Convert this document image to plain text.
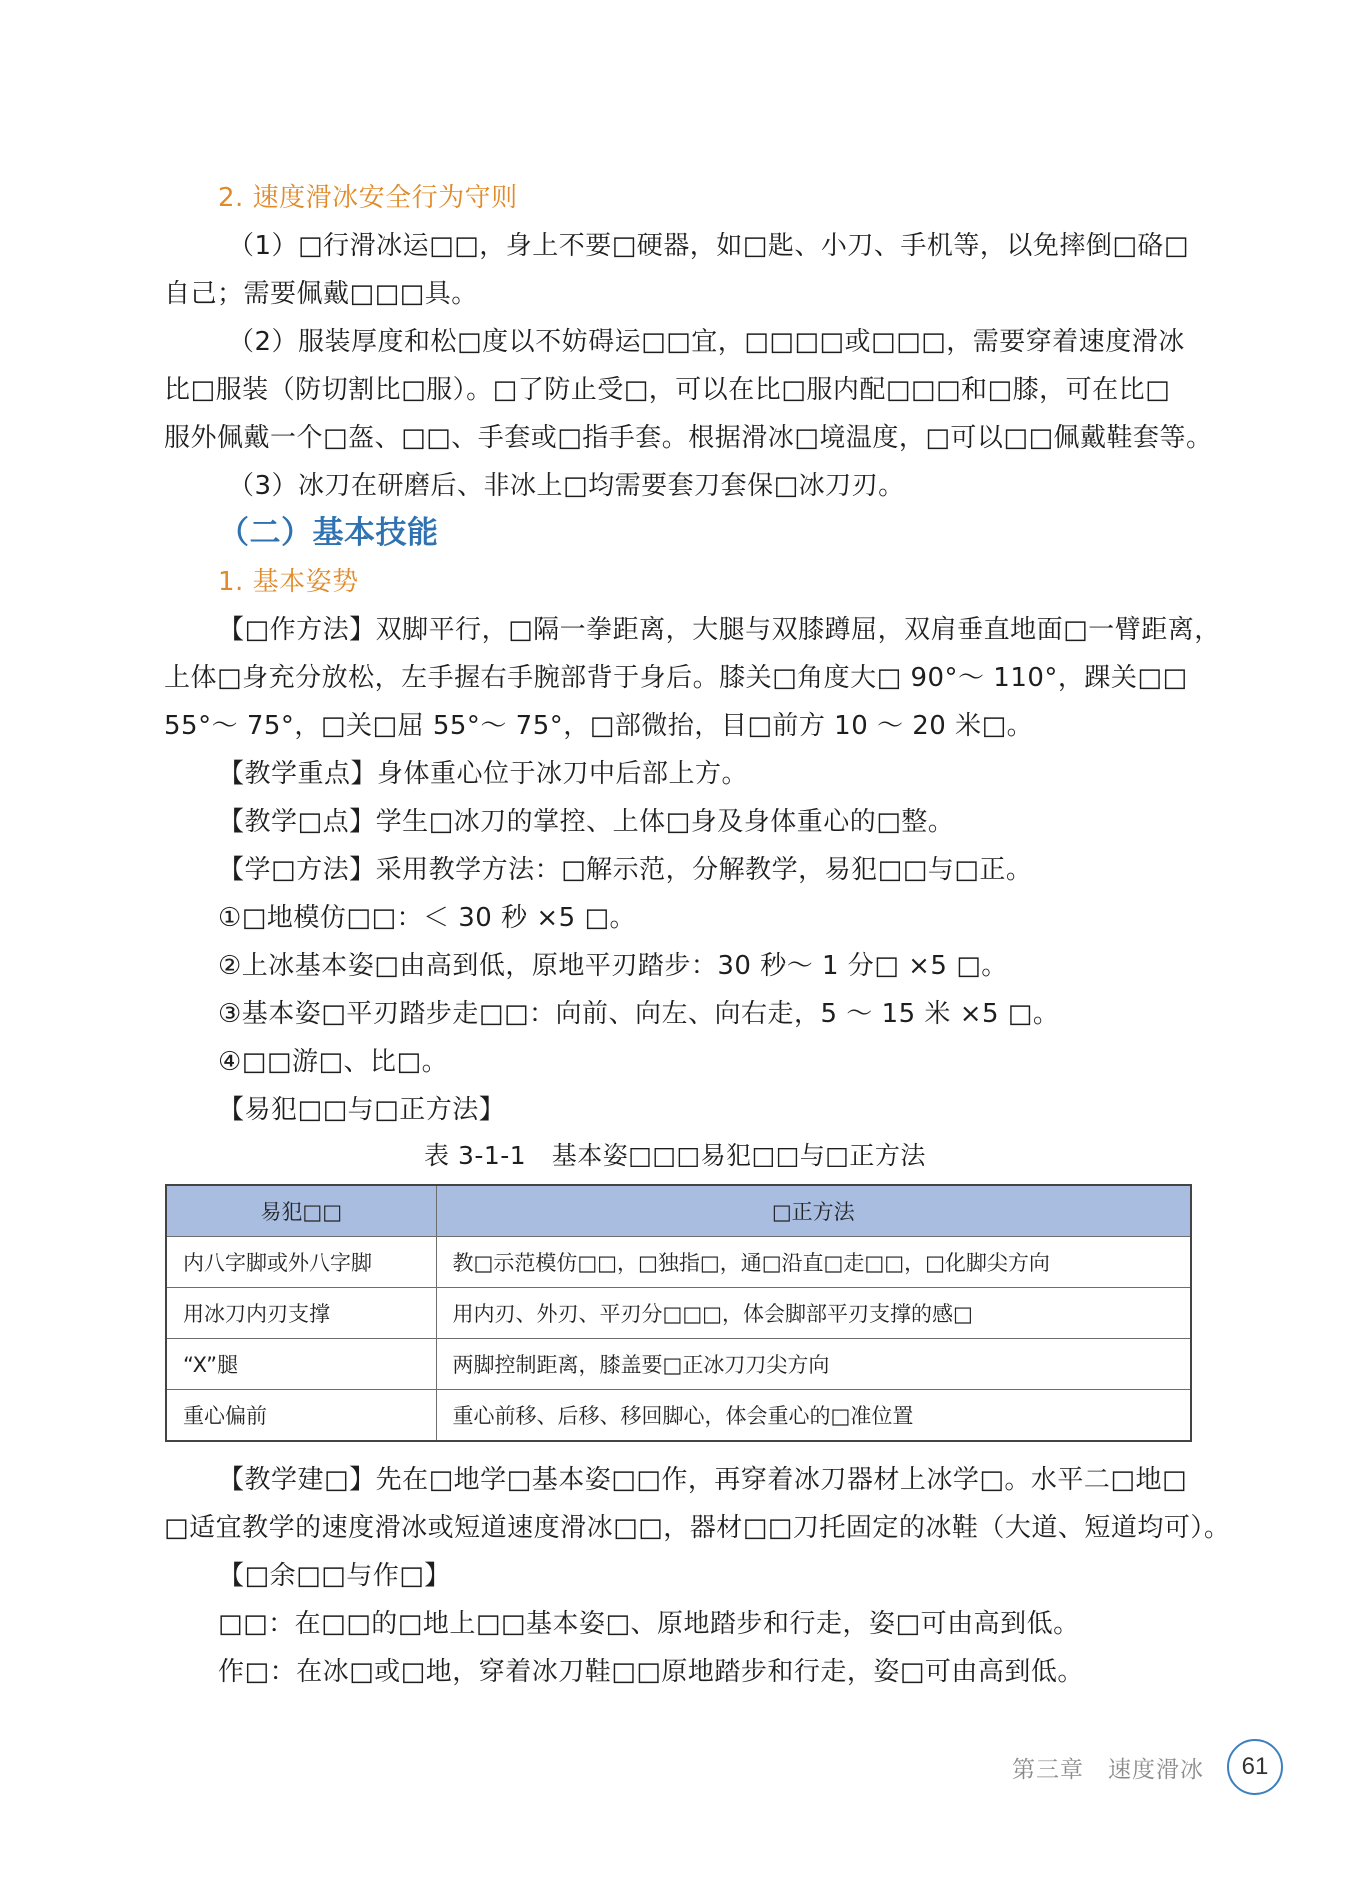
2. 速度滑冰安全行为守则
（1）□行滑冰运□□，身上不要□硬器，如□匙、小刀、手机等，以免摔倒□硌□
自己；需要佩戴□□□具。
（2）服装厚度和松□度以不妨碍运□□宜，□□□□或□□□，需要穿着速度滑冰
比□服装（防切割比□服）。□了防止受□，可以在比□服内配□□□和□膝，可在比□
服外佩戴一个□盔、□□、手套或□指手套。根据滑冰□境温度，□可以□□佩戴鞋套等。
（3）冰刀在研磨后、非冰上□均需要套刀套保□冰刀刃。
（二）基本技能
1. 基本姿势
【□作方法】双脚平行，□隔一拳距离，大腿与双膝蹲屈，双肩垂直地面□一臂距离，
上体□身充分放松，左手握右手腕部背于身后。膝关□角度大□ 90°～ 110°，踝关□□
55°～ 75°，□关□屈 55°～ 75°，□部微抬，目□前方 10 ～ 20 米□。
【教学重点】身体重心位于冰刀中后部上方。
【教学□点】学生□冰刀的掌控、上体□身及身体重心的□整。
【学□方法】采用教学方法：□解示范，分解教学，易犯□□与□正。
①□地模仿□□：＜ 30 秒 ×5 □。
②上冰基本姿□由高到低，原地平刃踏步：30 秒～ 1 分□ ×5 □。
③基本姿□平刃踏步走□□：向前、向左、向右走，5 ～ 15 米 ×5 □。
④□□游□、比□。
【易犯□□与□正方法】
表 3-1-1　基本姿□□□易犯□□与□正方法
易犯□□	□正方法
内八字脚或外八字脚	教□示范模仿□□，□独指□，通□沿直□走□□，□化脚尖方向
用冰刀内刃支撑	用内刃、外刃、平刃分□□□，体会脚部平刃支撑的感□
“X”腿	两脚控制距离，膝盖要□正冰刀刀尖方向
重心偏前	重心前移、后移、移回脚心，体会重心的□准位置
【教学建□】先在□地学□基本姿□□作，再穿着冰刀器材上冰学□。水平二□地□
□适宜教学的速度滑冰或短道速度滑冰□□，器材□□刀托固定的冰鞋（大道、短道均可）。
【□余□□与作□】
□□：在□□的□地上□□基本姿□、原地踏步和行走，姿□可由高到低。
作□：在冰□或□地，穿着冰刀鞋□□原地踏步和行走，姿□可由高到低。
第三章　速度滑冰 61
